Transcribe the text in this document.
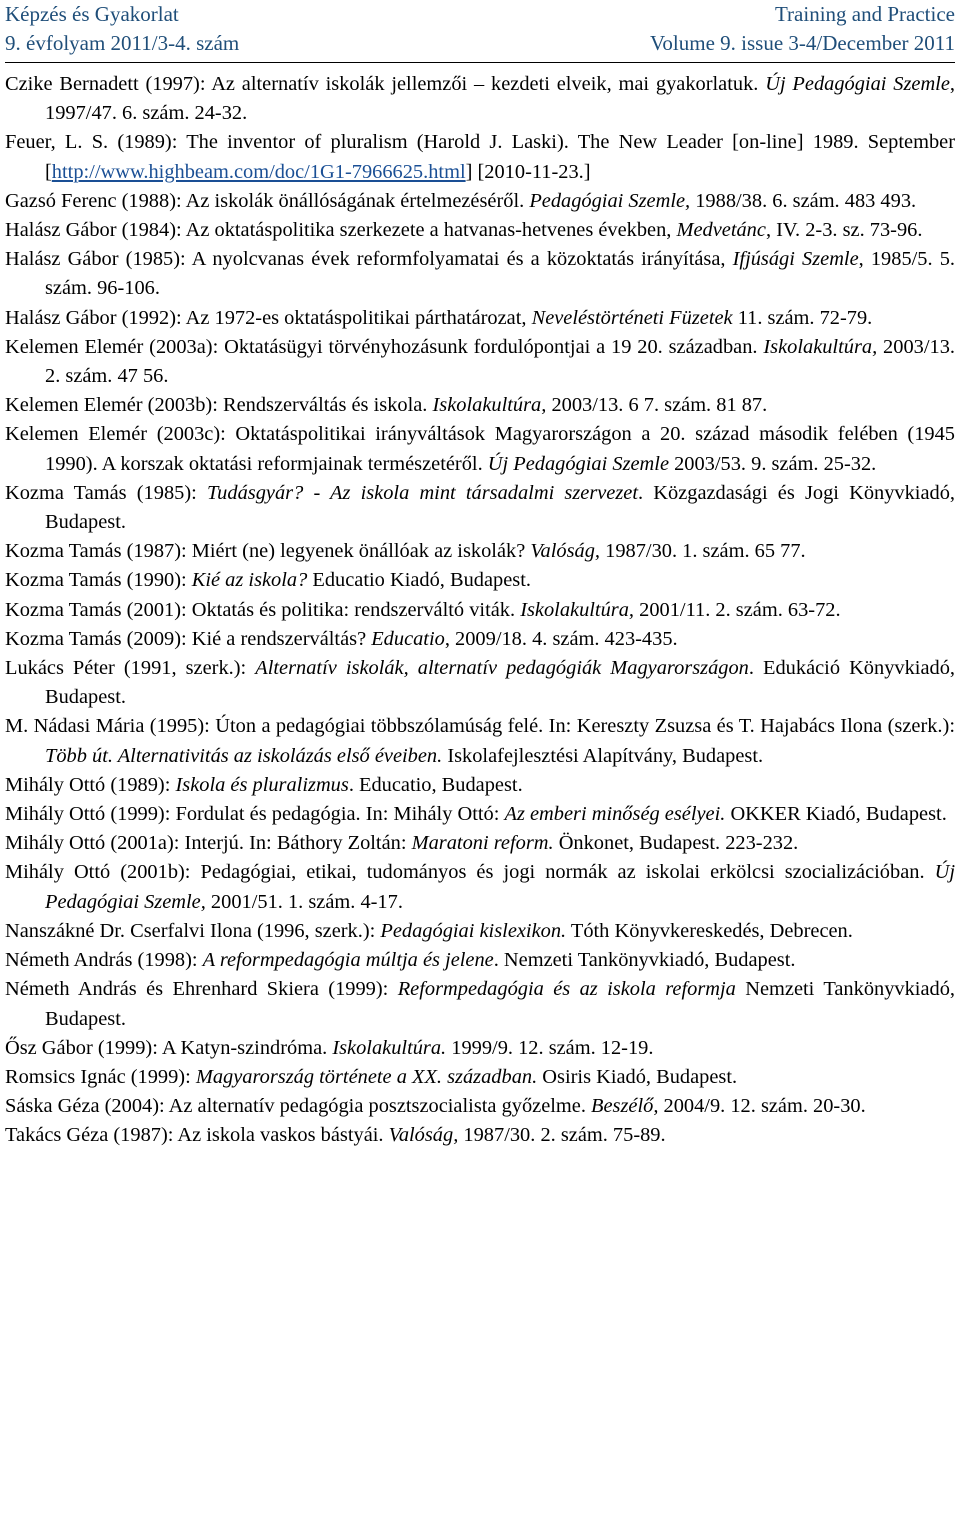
Képzés és Gyakorlat	Training and Practice
9. évfolyam 2011/3-4. szám	Volume 9. issue 3-4/December 2011

Czike Bernadett (1997): Az alternatív iskolák jellemzői – kezdeti elveik, mai gyakorlatuk. Új Pedagógiai Szemle, 1997/47. 6. szám. 24-32.

Feuer, L. S. (1989): The inventor of pluralism (Harold J. Laski). The New Leader [on-line] 1989. September [http://www.highbeam.com/doc/1G1-7966625.html] [2010-11-23.]

Gazsó Ferenc (1988): Az iskolák önállóságának értelmezéséről. Pedagógiai Szemle, 1988/38. 6. szám. 483 493.

Halász Gábor (1984): Az oktatáspolitika szerkezete a hatvanas-hetvenes években, Medvetánc, IV. 2-3. sz. 73-96.

Halász Gábor (1985): A nyolcvanas évek reformfolyamatai és a közoktatás irányítása, Ifjúsági Szemle, 1985/5. 5. szám. 96-106.

Halász Gábor (1992): Az 1972-es oktatáspolitikai párthatározat, Neveléstörténeti Füzetek 11. szám. 72-79.

Kelemen Elemér (2003a): Oktatásügyi törvényhozásunk fordulópontjai a 19 20. században. Iskolakultúra, 2003/13. 2. szám. 47 56.

Kelemen Elemér (2003b): Rendszerváltás és iskola. Iskolakultúra, 2003/13. 6 7. szám. 81 87.

Kelemen Elemér (2003c): Oktatáspolitikai irányváltások Magyarországon a 20. század második felében (1945 1990). A korszak oktatási reformjainak természetéről. Új Pedagógiai Szemle 2003/53. 9. szám. 25-32.

Kozma Tamás (1985): Tudásgyár? - Az iskola mint társadalmi szervezet. Közgazdasági és Jogi Könyvkiadó, Budapest.

Kozma Tamás (1987): Miért (ne) legyenek önállóak az iskolák? Valóság, 1987/30. 1. szám. 65 77.

Kozma Tamás (1990): Kié az iskola? Educatio Kiadó, Budapest.

Kozma Tamás (2001): Oktatás és politika: rendszerváltó viták. Iskolakultúra, 2001/11. 2. szám. 63-72.

Kozma Tamás (2009): Kié a rendszerváltás? Educatio, 2009/18. 4. szám. 423-435.

Lukács Péter (1991, szerk.): Alternatív iskolák, alternatív pedagógiák Magyarországon. Edukáció Könyvkiadó, Budapest.

M. Nádasi Mária (1995): Úton a pedagógiai többszólamúság felé. In: Kereszty Zsuzsa és T. Hajabács Ilona (szerk.): Több út. Alternativitás az iskolázás első éveiben. Iskolafejlesztési Alapítvány, Budapest.

Mihály Ottó (1989): Iskola és pluralizmus. Educatio, Budapest.

Mihály Ottó (1999): Fordulat és pedagógia. In: Mihály Ottó: Az emberi minőség esélyei. OKKER Kiadó, Budapest.

Mihály Ottó (2001a): Interjú. In: Báthory Zoltán: Maratoni reform. Önkonet, Budapest. 223-232.

Mihály Ottó (2001b): Pedagógiai, etikai, tudományos és jogi normák az iskolai erkölcsi szocializációban. Új Pedagógiai Szemle, 2001/51. 1. szám. 4-17.

Nanszákné Dr. Cserfalvi Ilona (1996, szerk.): Pedagógiai kislexikon. Tóth Könyvkereskedés, Debrecen.

Németh András (1998): A reformpedagógia múltja és jelene. Nemzeti Tankönyvkiadó, Budapest.

Németh András és Ehrenhard Skiera (1999): Reformpedagógia és az iskola reformja Nemzeti Tankönyvkiadó, Budapest.

Ősz Gábor (1999): A Katyn-szindróma. Iskolakultúra. 1999/9. 12. szám. 12-19.

Romsics Ignác (1999): Magyarország története a XX. században. Osiris Kiadó, Budapest.

Sáska Géza (2004): Az alternatív pedagógia posztszocialista győzelme. Beszélő, 2004/9. 12. szám. 20-30.

Takács Géza (1987): Az iskola vaskos bástyái. Valóság, 1987/30. 2. szám. 75-89.
